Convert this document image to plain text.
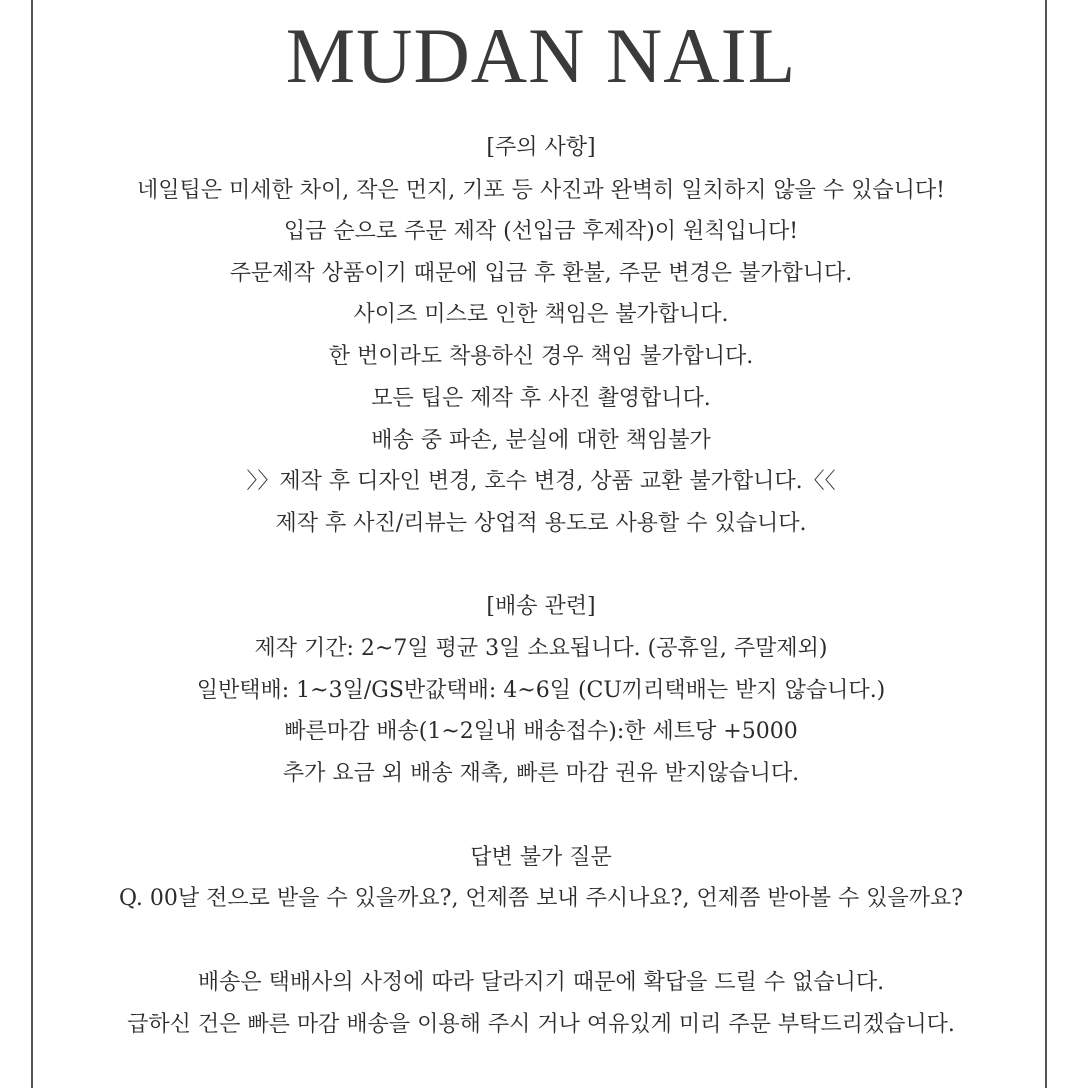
MUDAN NAIL
[주의 사항]
네일팁은 미세한 차이, 작은 먼지, 기포 등 사진과 완벽히 일치하지 않을 수 있습니다!
입금 순으로 주문 제작 (선입금 후제작)이 원칙입니다!
주문제작 상품이기 때문에 입금 후 환불, 주문 변경은 불가합니다.
사이즈 미스로 인한 책임은 불가합니다.
한 번이라도 착용하신 경우 책임 불가합니다.
모든 팁은 제작 후 사진 촬영합니다.
배송 중 파손, 분실에 대한 책임불가
〉〉제작 후 디자인 변경, 호수 변경, 상품 교환 불가합니다.〈〈
제작 후 사진/리뷰는 상업적 용도로 사용할 수 있습니다.
[배송 관련]
제작 기간: 2~7일 평균 3일 소요됩니다. (공휴일, 주말제외)
일반택배: 1~3일/GS반값택배: 4~6일 (CU끼리택배는 받지 않습니다.)
빠른마감 배송(1~2일내 배송접수):한 세트당 +5000
추가 요금 외 배송 재촉, 빠른 마감 권유 받지않습니다.
답변 불가 질문
Q. 00날 전으로 받을 수 있을까요?, 언제쯤 보내 주시나요?, 언제쯤 받아볼 수 있을까요?
배송은 택배사의 사정에 따라 달라지기 때문에 확답을 드릴 수 없습니다.
급하신 건은 빠른 마감 배송을 이용해 주시 거나 여유있게 미리 주문 부탁드리겠습니다.
